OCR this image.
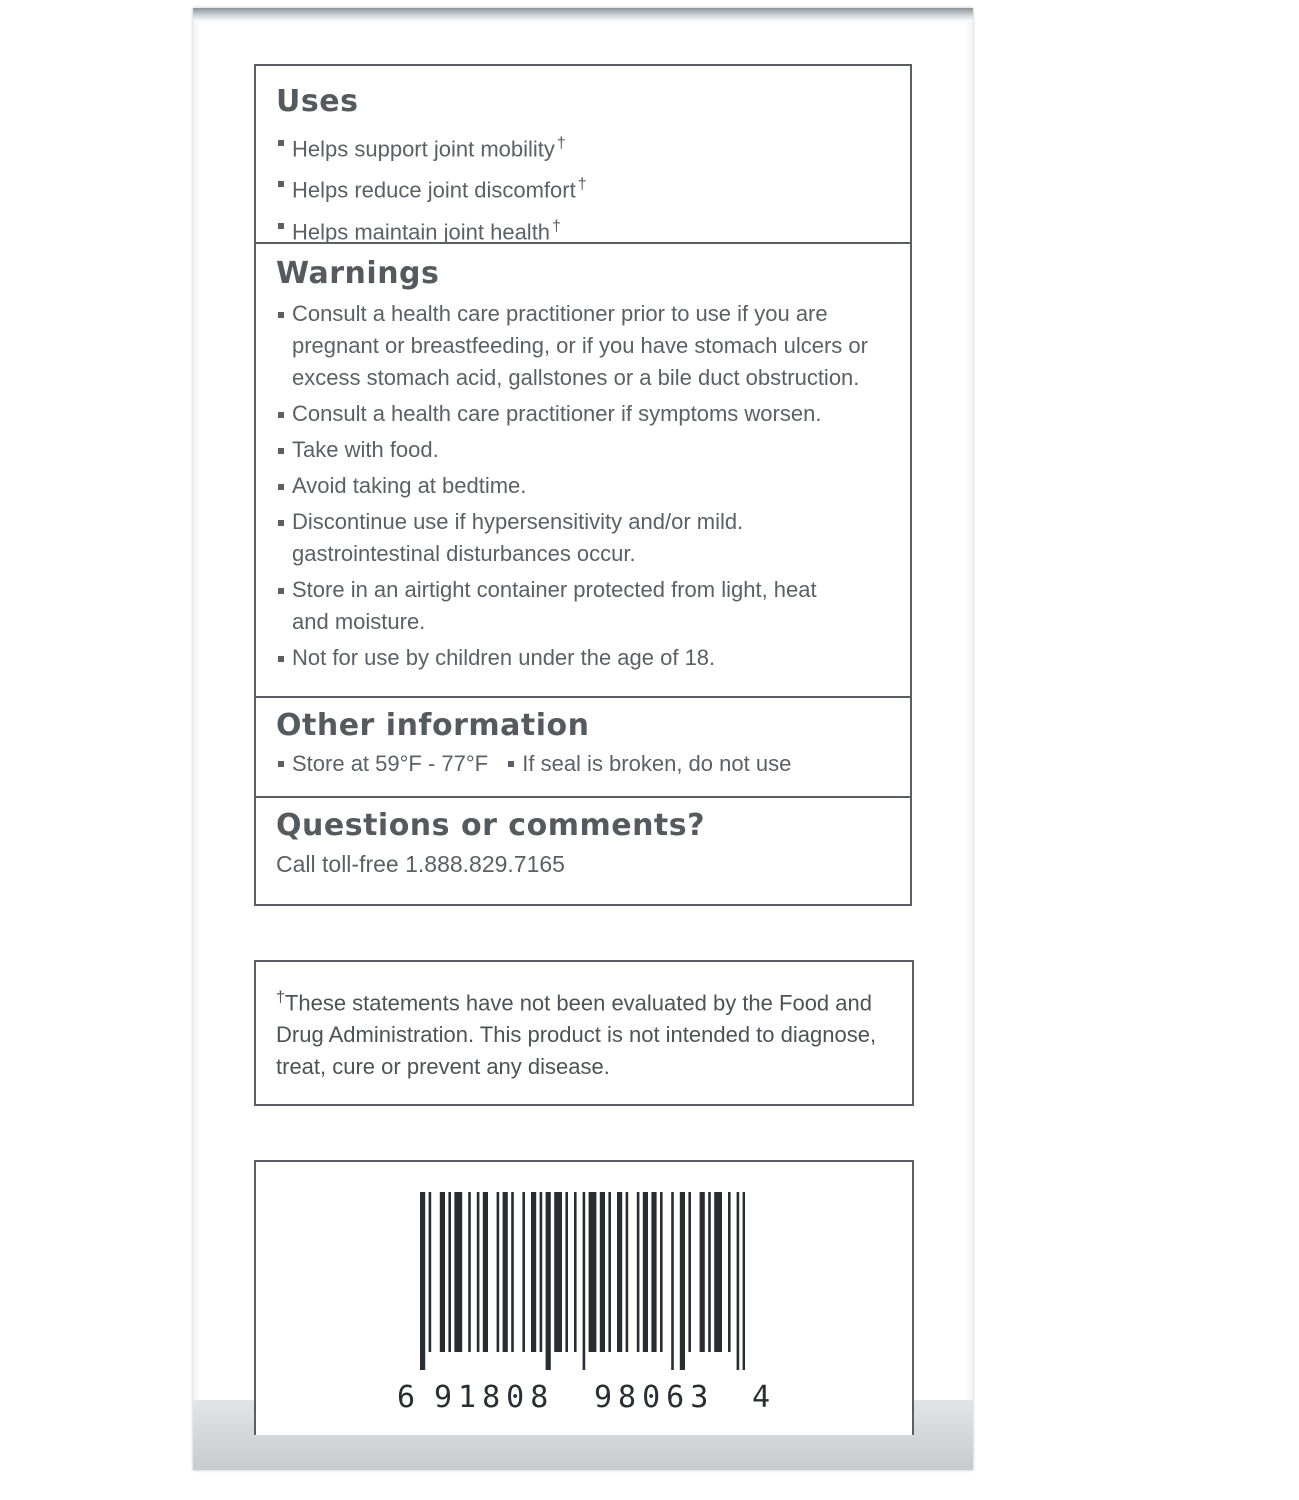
Uses
Helps support joint mobility †
Helps reduce joint discomfort †
Helps maintain joint health †
Warnings
Consult a health care practitioner prior to use if you are pregnant or breastfeeding, or if you have stomach ulcers or excess stomach acid, gallstones or a bile duct obstruction.
Consult a health care practitioner if symptoms worsen.
Take with food.
Avoid taking at bedtime.
Discontinue use if hypersensitivity and/or mild. gastrointestinal disturbances occur.
Store in an airtight container protected from light, heat and moisture.
Not for use by children under the age of 18.
Other information
Store at 59°F - 77°F If seal is broken, do not use
Questions or comments?
Call toll-free 1.888.829.7165
†These statements have not been evaluated by the Food and Drug Administration. This product is not intended to diagnose, treat, cure or prevent any disease.
6 91808 98063 4
